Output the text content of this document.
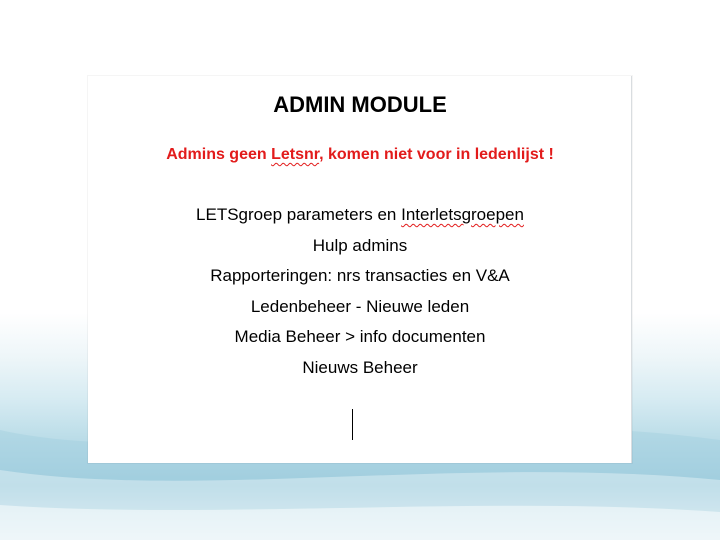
ADMIN MODULE
Admins geen Letsnr, komen niet voor in ledenlijst !
LETSgroep parameters en Interletsgroepen
Hulp admins
Rapporteringen: nrs transacties en V&A
Ledenbeheer - Nieuwe leden
Media Beheer > info documenten
Nieuws Beheer
